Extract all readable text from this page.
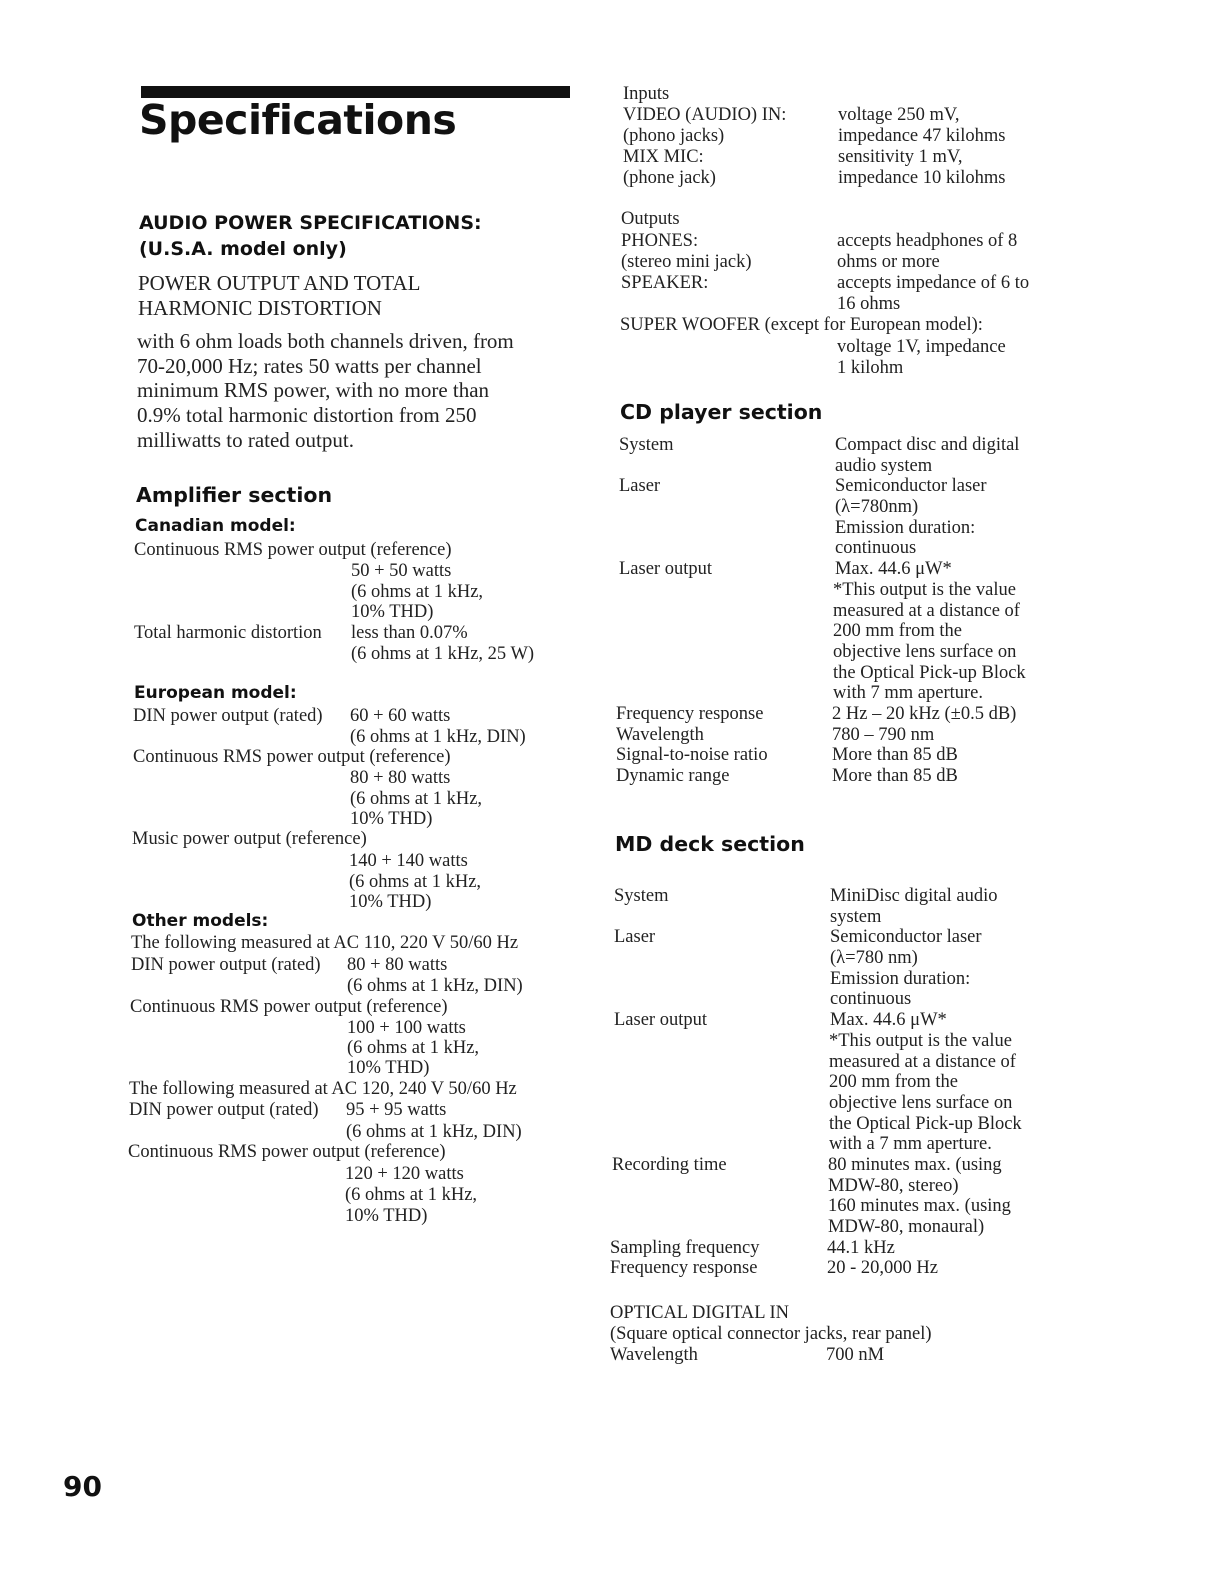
Specifications
AUDIO POWER SPECIFICATIONS:
(U.S.A. model only)
POWER OUTPUT AND TOTAL
HARMONIC DISTORTION
with 6 ohm loads both channels driven, from
70-20,000 Hz; rates 50 watts per channel
minimum RMS power, with no more than
0.9% total harmonic distortion from 250
milliwatts to rated output.
Amplifier section
Canadian model:
Continuous RMS power output (reference)
50 + 50 watts
(6 ohms at 1 kHz,
10% THD)
Total harmonic distortion less than 0.07%
(6 ohms at 1 kHz, 25 W)
European model:
DIN power output (rated) 60 + 60 watts
(6 ohms at 1 kHz, DIN)
Continuous RMS power output (reference)
80 + 80 watts
(6 ohms at 1 kHz,
10% THD)
Music power output (reference)
140 + 140 watts
(6 ohms at 1 kHz,
10% THD)
Other models:
The following measured at AC 110, 220 V 50/60 Hz
DIN power output (rated) 80 + 80 watts
(6 ohms at 1 kHz, DIN)
Continuous RMS power output (reference)
100 + 100 watts
(6 ohms at 1 kHz,
10% THD)
The following measured at AC 120, 240 V 50/60 Hz
DIN power output (rated) 95 + 95 watts
(6 ohms at 1 kHz, DIN)
Continuous RMS power output (reference)
120 + 120 watts
(6 ohms at 1 kHz,
10% THD)
Inputs
VIDEO (AUDIO) IN:	voltage 250 mV,
(phono jacks)	impedance 47 kilohms
MIX MIC:	sensitivity 1 mV,
(phone jack)	impedance 10 kilohms
Outputs
PHONES:	accepts headphones of 8
(stereo mini jack)	ohms or more
SPEAKER:	accepts impedance of 6 to
16 ohms
SUPER WOOFER (except for European model):
voltage 1V, impedance
1 kilohm
CD player section
System	Compact disc and digital
audio system
Laser	Semiconductor laser
(λ=780nm)
Emission duration:
continuous
Laser output	Max. 44.6 μW*
*This output is the value
measured at a distance of
200 mm from the
objective lens surface on
the Optical Pick-up Block
with 7 mm aperture.
Frequency response	2 Hz – 20 kHz (±0.5 dB)
Wavelength	780 – 790 nm
Signal-to-noise ratio	More than 85 dB
Dynamic range	More than 85 dB
MD deck section
System	MiniDisc digital audio
system
Laser	Semiconductor laser
(λ=780 nm)
Emission duration:
continuous
Laser output	Max. 44.6 μW*
*This output is the value
measured at a distance of
200 mm from the
objective lens surface on
the Optical Pick-up Block
with a 7 mm aperture.
Recording time	80 minutes max. (using
MDW-80, stereo)
160 minutes max. (using
MDW-80, monaural)
Sampling frequency	44.1 kHz
Frequency response	20 - 20,000 Hz
OPTICAL DIGITAL IN
(Square optical connector jacks, rear panel)
Wavelength	700 nM
90
